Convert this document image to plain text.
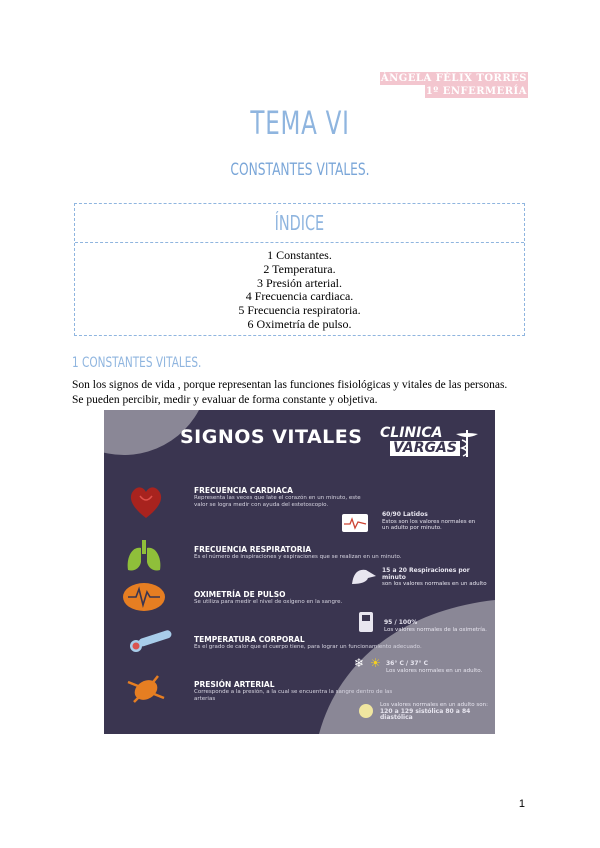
ÁNGELA FÉLIX TORRES
1º ENFERMERÍA
TEMA VI
CONSTANTES VITALES.
ÍNDICE
1 Constantes.
2 Temperatura.
3 Presión arterial.
4 Frecuencia cardiaca.
5 Frecuencia respiratoria.
6 Oximetría de pulso.
1 CONSTANTES VITALES.

Son los signos de vida , porque representan las funciones fisiológicas y vitales de las personas.

Se pueden percibir, medir y evaluar de forma constante y objetiva.

SIGNOS VITALES CLINICA
VARGAS
FRECUENCIA CARDIACA
Representa las veces que late el corazón en un minuto, este valor se logra medir con ayuda del estetoscopio.
60/90 Latidos
Estos son los valores normales en un adulto por minuto.
FRECUENCIA RESPIRATORIA
Es el número de inspiraciones y espiraciones que se realizan en un minuto.
15 a 20 Respiraciones por minuto
son los valores normales en un adulto
OXIMETRÍA DE PULSO
Se utiliza para medir el nivel de oxígeno en la sangre.
95 / 100%
Los valores normales de la oximetría.
TEMPERATURA CORPORAL
Es el grado de calor que el cuerpo tiene, para lograr un funcionamiento adecuado.
❄ ☀ 36° C / 37° C
Los valores normales en un adulto.
PRESIÓN ARTERIAL
Corresponde a la presión, a la cual se encuentra la sangre dentro de las arterias
Los valores normales en un adulto son:
120 a 129 sistólica 80 a 84 diastólica
1
